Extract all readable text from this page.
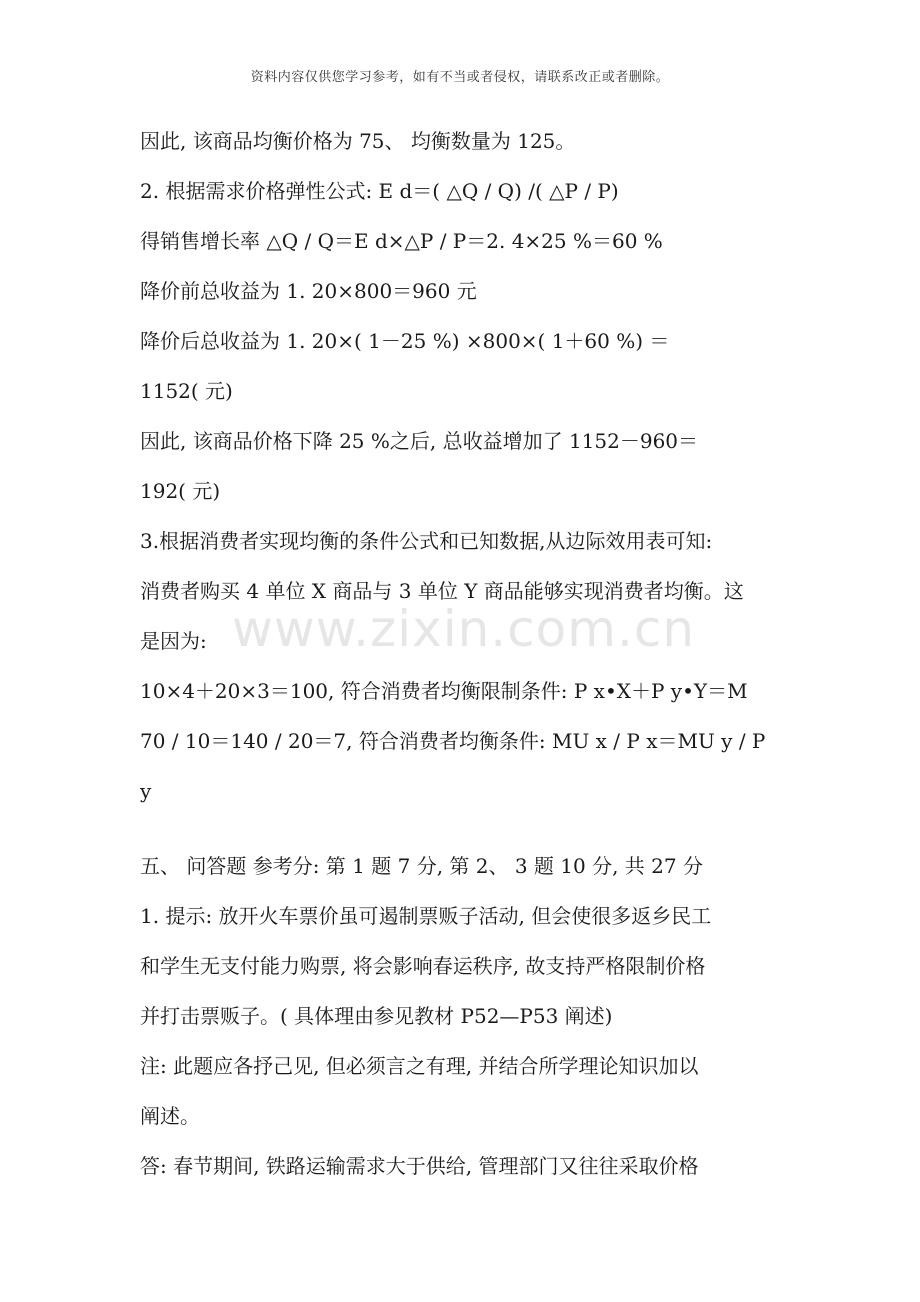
资料内容仅供您学习参考，如有不当或者侵权，请联系改正或者删除。
www.zixin.com.cn
因此, 该商品均衡价格为 75、 均衡数量为 125。
2. 根据需求价格弹性公式: E d＝( △Q / Q) /( △P / P)
得销售增长率 △Q / Q＝E d×△P / P＝2. 4×25 %＝60 %
降价前总收益为 1. 20×800＝960 元
降价后总收益为 1. 20×( 1－25 %) ×800×( 1＋60 %) ＝
1152( 元)
因此, 该商品价格下降 25 %之后, 总收益增加了 1152－960＝
192( 元)
3.根据消费者实现均衡的条件公式和已知数据,从边际效用表可知:
消费者购买 4 单位 X 商品与 3 单位 Y 商品能够实现消费者均衡。这
是因为:
10×4＋20×3＝100, 符合消费者均衡限制条件: P x•X＋P y•Y＝M
70 / 10＝140 / 20＝7, 符合消费者均衡条件: MU x / P x＝MU y / P
y
五、 问答题 参考分: 第 1 题 7 分, 第 2、 3 题 10 分, 共 27 分
1. 提示: 放开火车票价虽可遏制票贩子活动, 但会使很多返乡民工
和学生无支付能力购票, 将会影响春运秩序, 故支持严格限制价格
并打击票贩子。( 具体理由参见教材 P52—P53 阐述)
注: 此题应各抒己见, 但必须言之有理, 并结合所学理论知识加以
阐述。
答: 春节期间, 铁路运输需求大于供给, 管理部门又往往采取价格
